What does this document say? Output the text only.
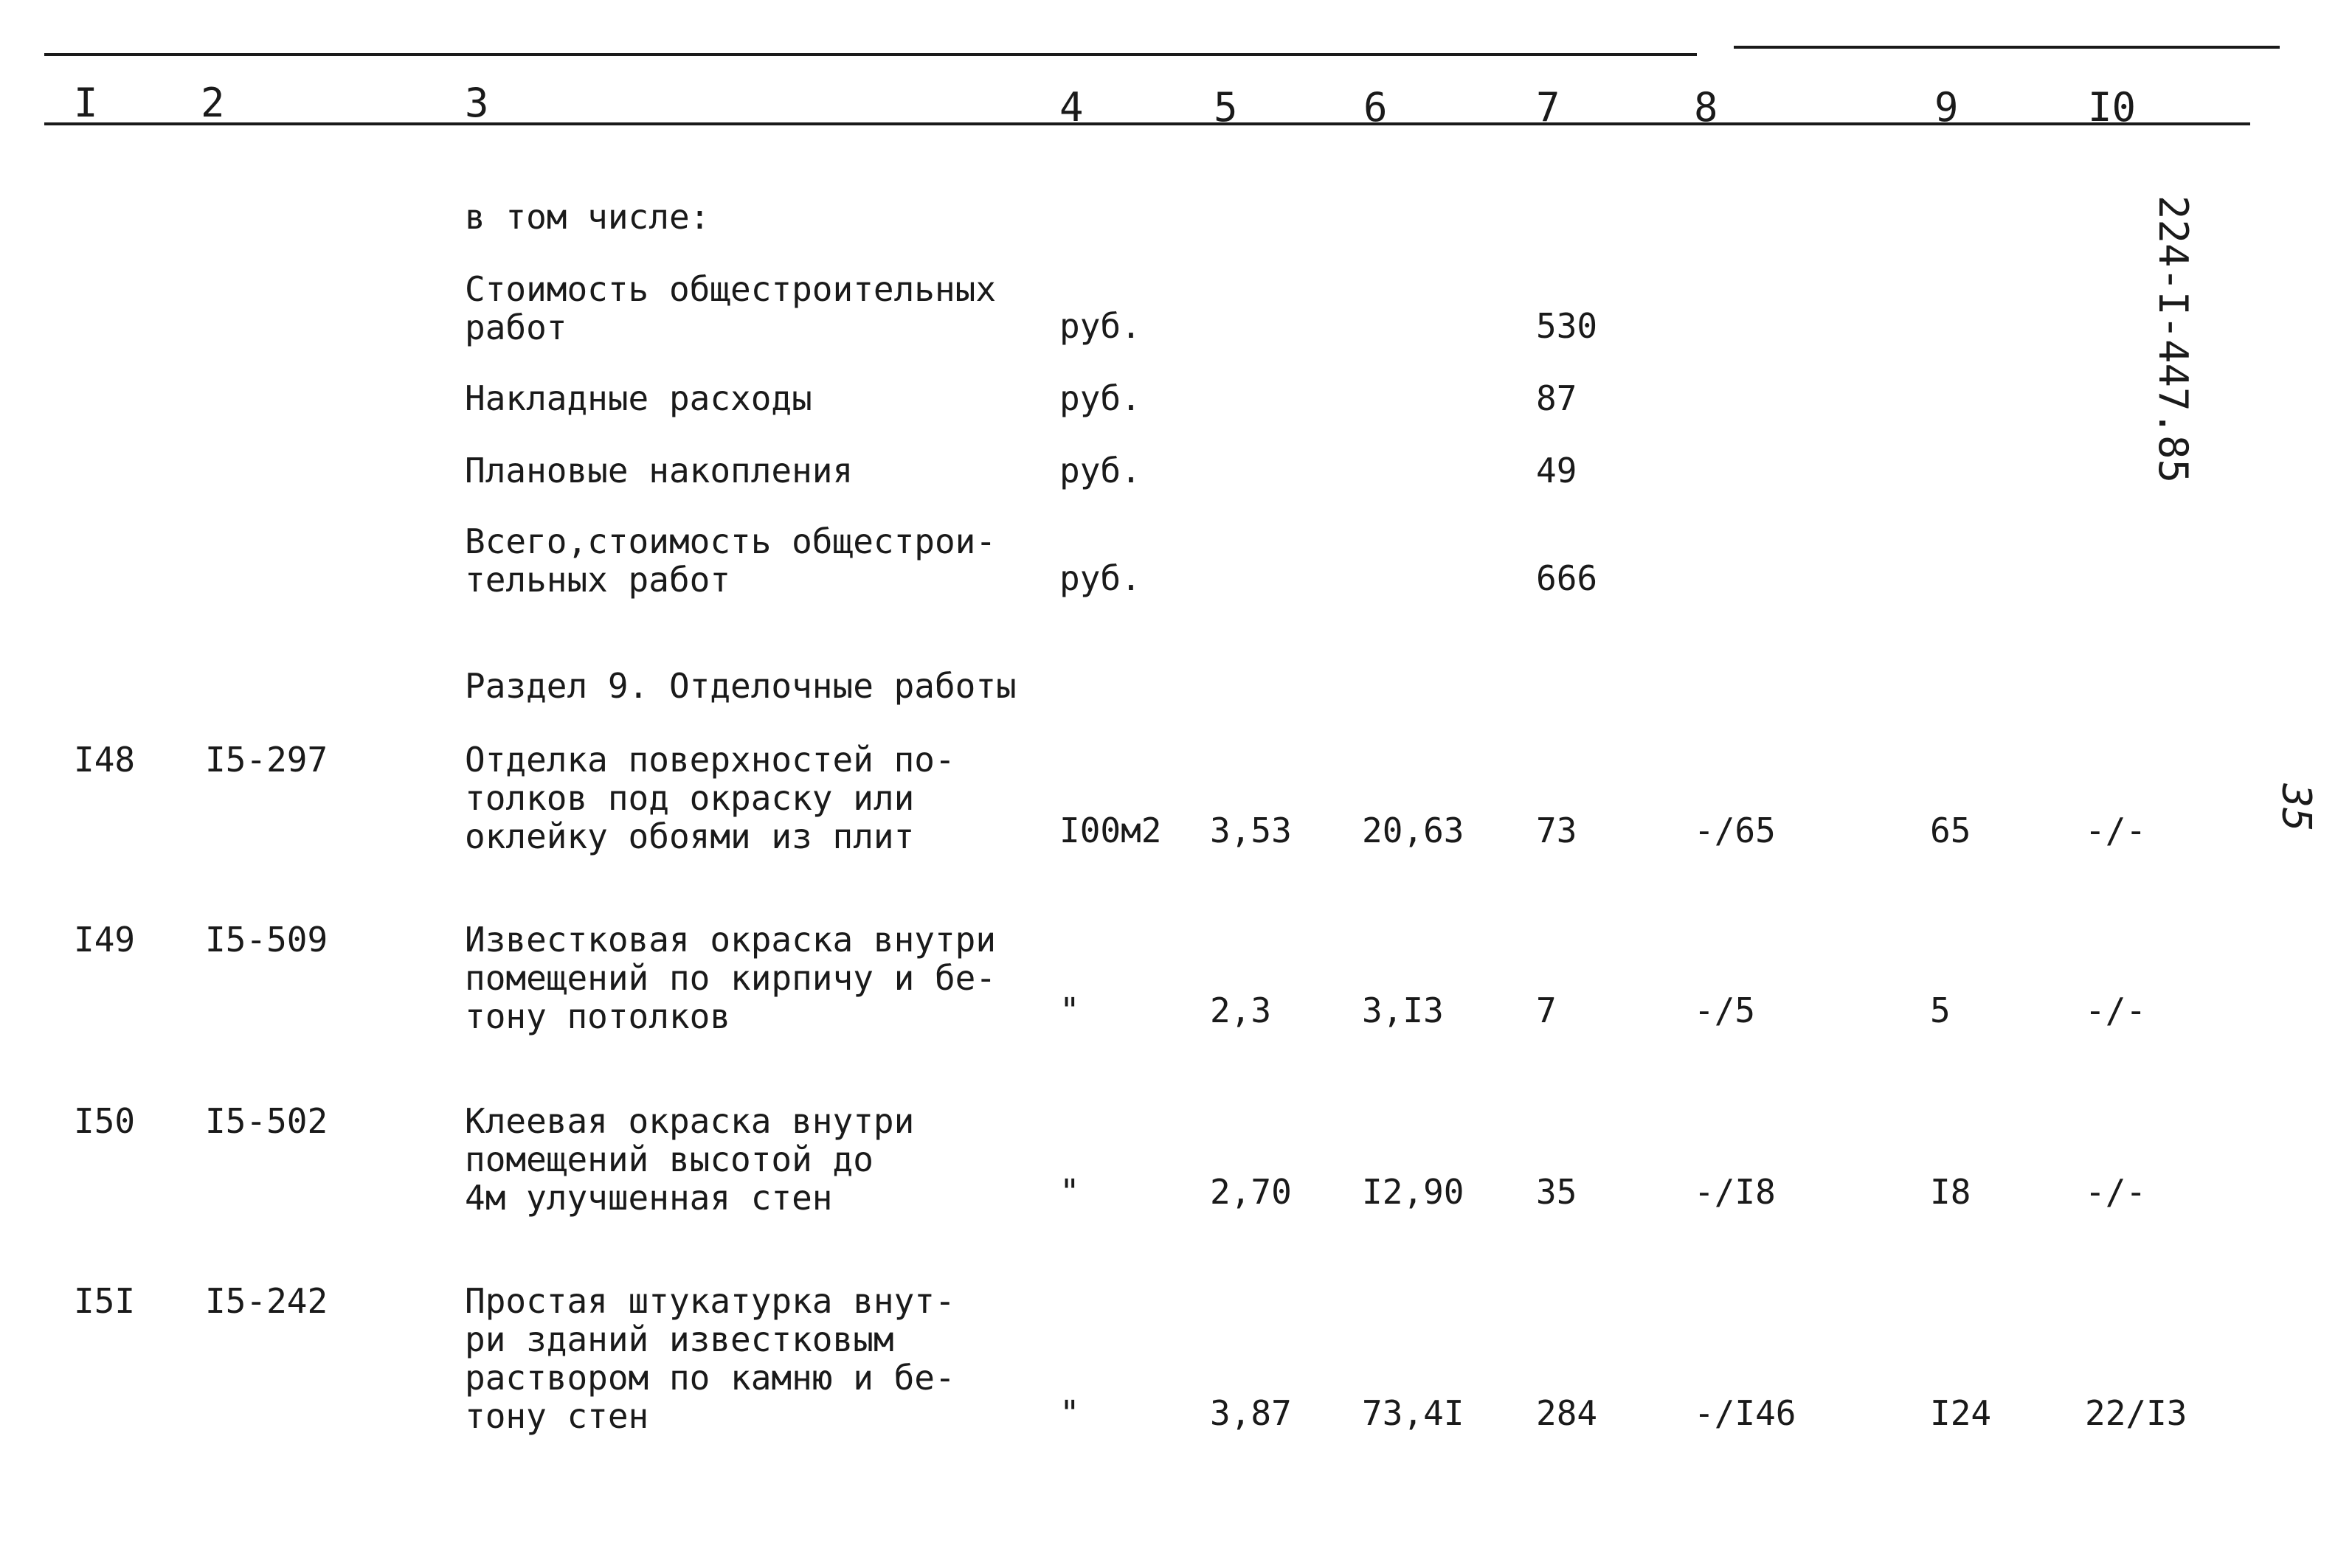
I	2	3	4	5	6	7	8	9	I0
в том числе:
Стоимость общестроительных
работ	руб.	530
Накладные расходы	руб.	87
Плановые накопления	руб.	49
Всего,стоимость общестрои-
тельных работ	руб.	666
Раздел 9. Отделочные работы
I48 I5-297	Отделка поверхностей по-
толков под окраску или
оклейку обоями из плит	I00м2 3,53 20,63 73	-/65	65	-/-
I49 I5-509	Известковая окраска внутри
помещений по кирпичу и бе-
тону потолков	"	2,3	3,I3	7	-/5	5	-/-
I50 I5-502	Клеевая окраска внутри
помещений высотой до
4м улучшенная стен	"	2,70 I2,90 35	-/I8	I8	-/-
I5I I5-242	Простая штукатурка внут-
ри зданий известковым
раствором по камню и бе-
тону стен	"	3,87 73,4I 284	-/I46	I24	22/I3
224-I-447.85
35
